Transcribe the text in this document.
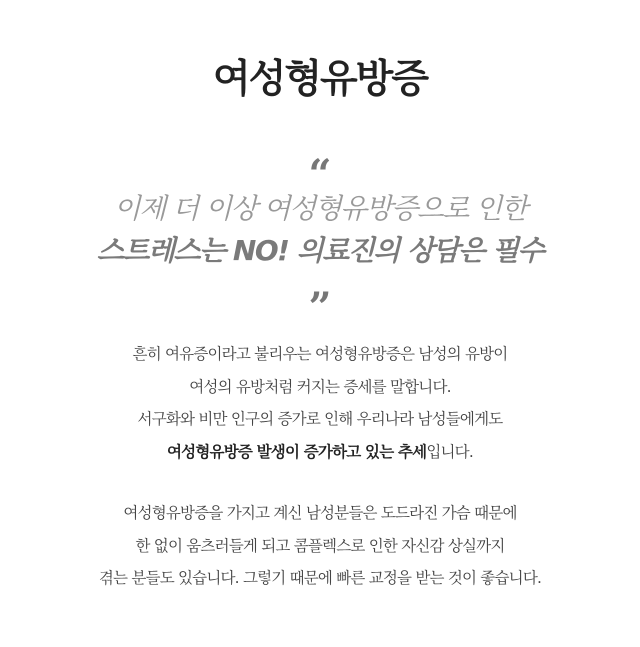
여성형유방증
“
이제 더 이상 여성형유방증으로 인한
스트레스는 NO! 의료진의 상담은 필수
”
흔히 여유증이라고 불리우는 여성형유방증은 남성의 유방이
여성의 유방처럼 커지는 증세를 말합니다.
서구화와 비만 인구의 증가로 인해 우리나라 남성들에게도
여성형유방증 발생이 증가하고 있는 추세입니다.
여성형유방증을 가지고 계신 남성분들은 도드라진 가슴 때문에
한 없이 움츠러들게 되고 콤플렉스로 인한 자신감 상실까지
겪는 분들도 있습니다. 그렇기 때문에 빠른 교정을 받는 것이 좋습니다.
